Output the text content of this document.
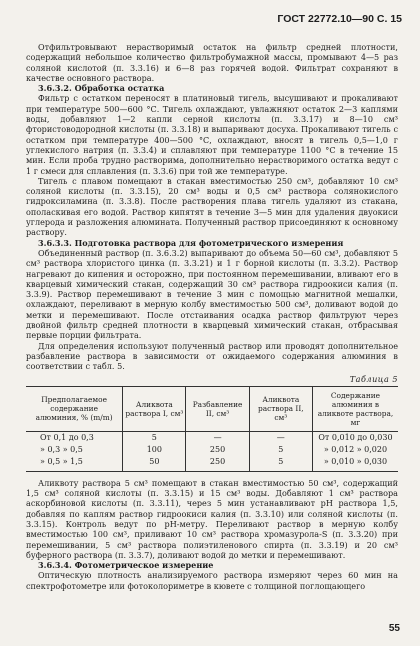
ГОСТ 22772.10—90 С. 15

Отфильтровывают нерастворимый остаток на фильтр средней плотности, содержащий небольшое количество фильтробумажной массы, промывают 4—5 раз соляной кислотой (п. 3.3.16) и 6—8 раз горячей водой. Фильтрат сохраняют в качестве основного раствора.

3.6.3.2. Обработка остатка

Фильтр с остатком переносят в платиновый тигель, высушивают и прокаливают при температуре 500—600 °С. Тигель охлаждают, увлажняют остаток 2—3 каплями воды, добавляют 1—2 капли серной кислоты (п. 3.3.17) и 8—10 см³ фтористоводородной кислоты (п. 3.3.18) и выпаривают досуха. Прокаливают тигель с остатком при температуре 400—500 °С, охлаждают, вносят в тигель 0,5—1,0 г углекислого натрия (п. 3.3.4) и сплавляют при температуре 1100 °С в течение 15 мин. Если проба трудно растворима, дополнительно нерастворимого остатка ведут с 1 г смеси для сплавления (п. 3.3.6) при той же температуре.

Тигель с плавом помещают в стакан вместимостью 250 см³, добавляют 10 см³ соляной кислоты (п. 3.3.15), 20 см³ воды и 0,5 см³ раствора солянокислого гидроксиламина (п. 3.3.8). После растворения плава тигель удаляют из стакана, ополаскивая его водой. Раствор кипятят в течение 3—5 мин для удаления двуокиси углерода и разложения алюмината. Полученный раствор присоединяют к основному раствору.

3.6.3.3. Подготовка раствора для фотометрического измерения

Объединенный раствор (п. 3.6.3.2) выпаривают до объема 50—60 см³, добавляют 5 см³ раствора хлористого цинка (п. 3.3.21) и 1 г борной кислоты (п. 3.3.2). Раствор нагревают до кипения и осторожно, при постоянном перемешивании, вливают его в кварцевый химический стакан, содержащий 30 см³ раствора гидроокиси калия (п. 3.3.9). Раствор перемешивают в течение 3 мин с помощью магнитной мешалки, охлаждают, переливают в мерную колбу вместимостью 500 см³, доливают водой до метки и перемешивают. После отстаивания осадка раствор фильтруют через двойной фильтр средней плотности в кварцевый химический стакан, отбрасывая первые порции фильтрата.

Для определения используют полученный раствор или проводят дополнительное разбавление раствора в зависимости от ожидаемого содержания алюминия в соответствии с табл. 5.

Таблица 5
Предполагаемое содержание алюминия, % (m/m)	Аликвота раствора I, см³	Разбавление II, см³	Аликвота раствора II, см³	Содержание алюминия в аликвоте раствора, мг
От 0,1 до 0,3	5	—	—	От 0,010 до 0,030
» 0,3 » 0,5	100	250	5	» 0,012 » 0,020
» 0,5 » 1,5	50	250	5	» 0,010 » 0,030

Аликвоту раствора 5 см³ помещают в стакан вместимостью 50 см³, содержащий 1,5 см³ соляной кислоты (п. 3.3.15) и 15 см³ воды. Добавляют 1 см³ раствора аскорбиновой кислоты (п. 3.3.11), через 5 мин устанавливают pH раствора 1,5, добавляя по каплям раствор гидроокиси калия (п. 3.3.10) или соляной кислоты (п. 3.3.15). Контроль ведут по pH-метру. Переливают раствор в мерную колбу вместимостью 100 см³, приливают 10 см³ раствора хромазурола-S (п. 3.3.20) при перемешивании, 5 см³ раствора полиэтиленового спирта (п. 3.3.19) и 20 см³ буферного раствора (п. 3.3.7), доливают водой до метки и перемешивают.

3.6.3.4. Фотометрическое измерение

Оптическую плотность анализируемого раствора измеряют через 60 мин на спектрофотометре или фотоколориметре в кювете с толщиной поглощающего

55
